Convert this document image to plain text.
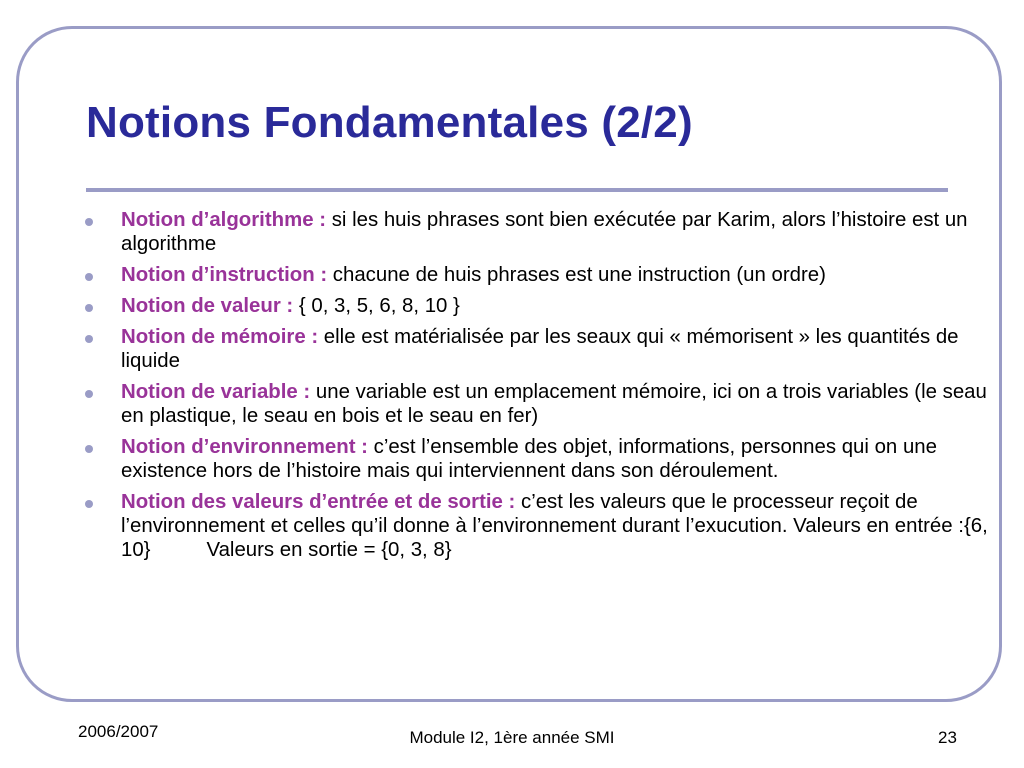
Notions Fondamentales (2/2)
Notion d’algorithme : si les huis phrases sont bien exécutée par Karim, alors l’histoire est un algorithme
Notion d’instruction : chacune de huis phrases est une instruction (un ordre)
Notion de valeur : { 0, 3, 5, 6, 8, 10 }
Notion de mémoire : elle est matérialisée par les seaux qui « mémorisent » les quantités de liquide
Notion de variable : une variable est un emplacement mémoire, ici on a trois variables (le seau en plastique, le seau en bois et le seau en fer)
Notion d’environnement : c’est l’ensemble des objet, informations, personnes qui on une existence hors de l’histoire mais qui interviennent dans son déroulement.
Notion des valeurs d’entrée et de sortie : c’est les valeurs que le processeur reçoit de l’environnement et celles qu’il donne à l’environnement durant l’exucution. Valeurs en entrée :{6, 10}	Valeurs en sortie = {0, 3, 8}
2006/2007	Module I2, 1ère année SMI	23
